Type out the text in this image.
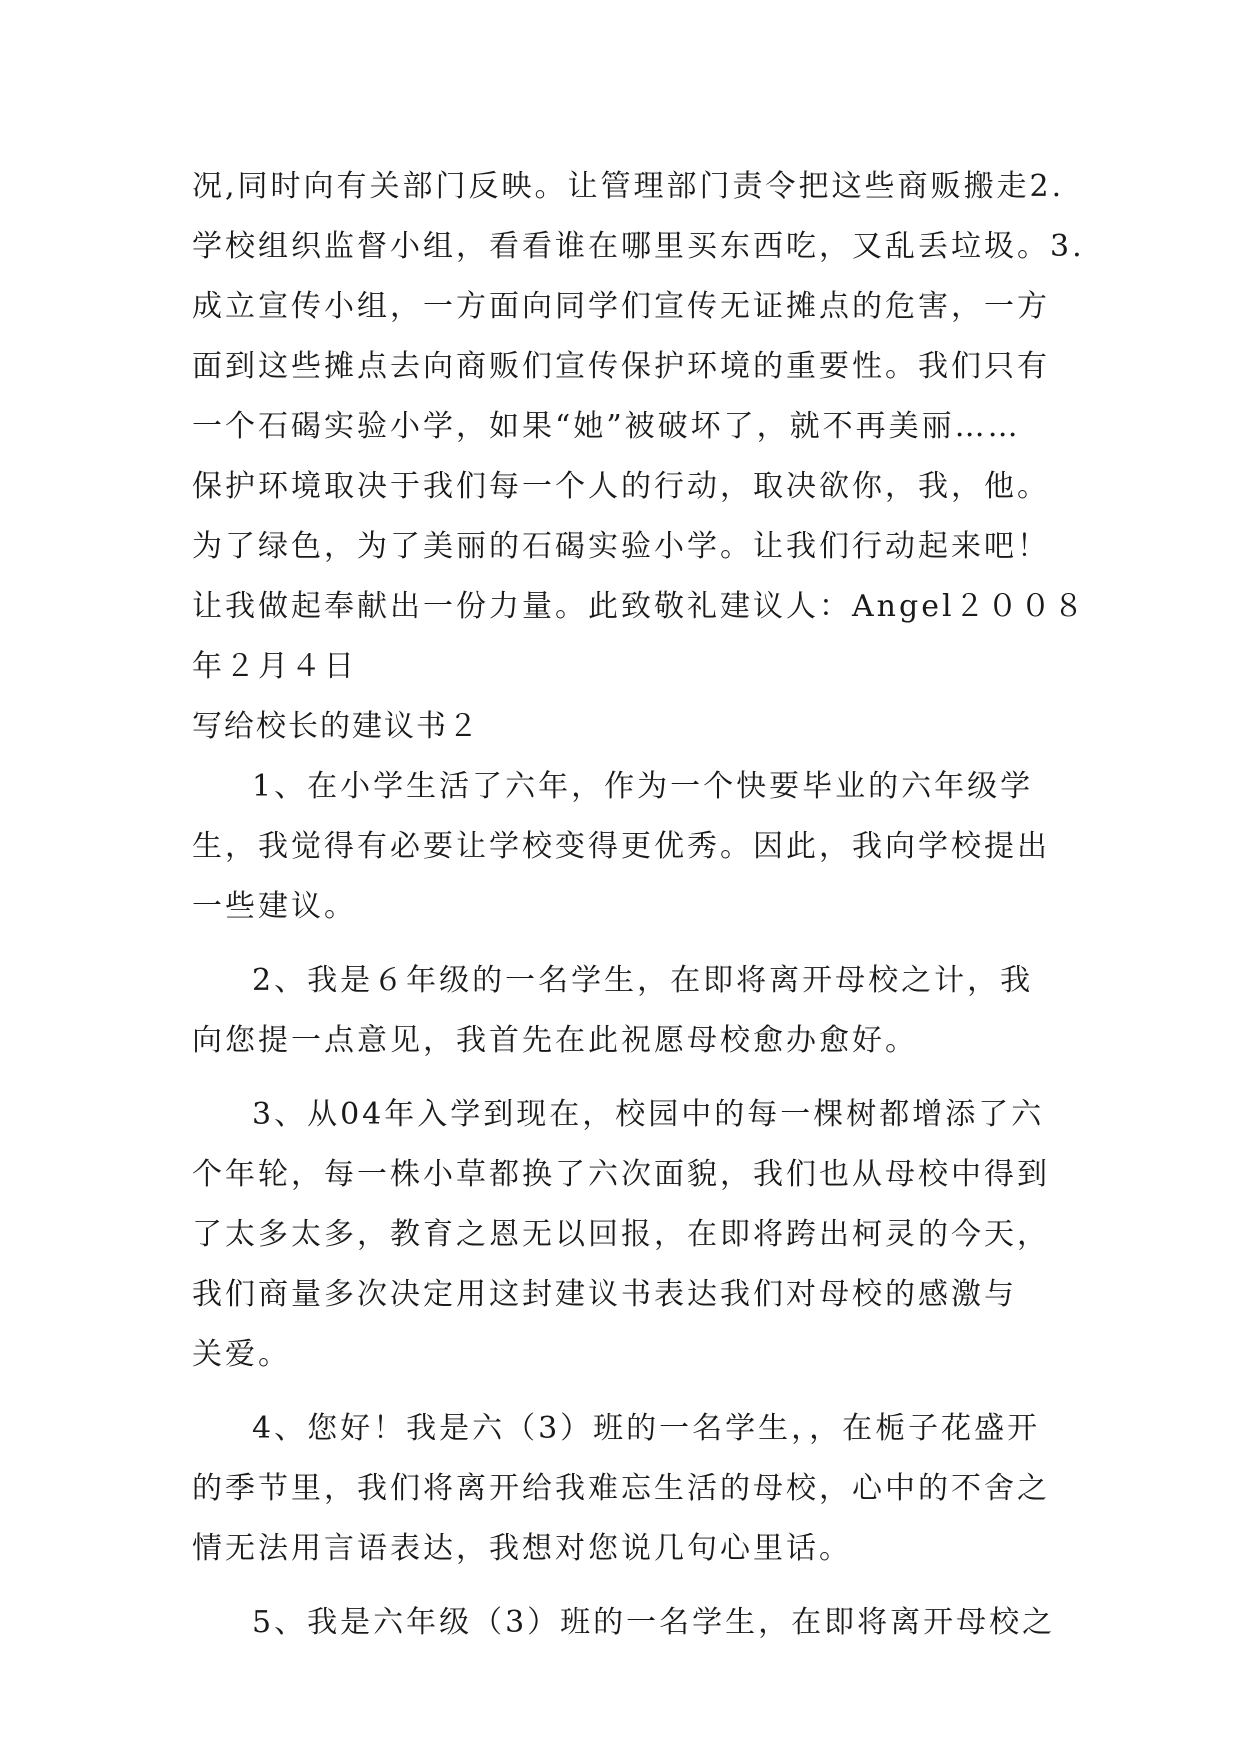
况,同时向有关部门反映。让管理部门责令把这些商贩搬走2.
学校组织监督小组，看看谁在哪里买东西吃，又乱丢垃圾。3.
成立宣传小组，一方面向同学们宣传无证摊点的危害，一方
面到这些摊点去向商贩们宣传保护环境的重要性。我们只有
一个石碣实验小学，如果“她”被破坏了，就不再美丽……
保护环境取决于我们每一个人的行动，取决欲你，我，他。
为了绿色，为了美丽的石碣实验小学。让我们行动起来吧！
让我做起奉献出一份力量。此致敬礼建议人：Angel２００８
年２月４日
写给校长的建议书２
1、在小学生活了六年，作为一个快要毕业的六年级学
生，我觉得有必要让学校变得更优秀。因此，我向学校提出
一些建议。
2、我是６年级的一名学生，在即将离开母校之计，我
向您提一点意见，我首先在此祝愿母校愈办愈好。
3、从04年入学到现在，校园中的每一棵树都增添了六
个年轮，每一株小草都换了六次面貌，我们也从母校中得到
了太多太多，教育之恩无以回报，在即将跨出柯灵的今天，
我们商量多次决定用这封建议书表达我们对母校的感激与
关爱。
4、您好！我是六（3）班的一名学生，，在栀子花盛开
的季节里，我们将离开给我难忘生活的母校，心中的不舍之
情无法用言语表达，我想对您说几句心里话。
5、我是六年级（3）班的一名学生，在即将离开母校之
